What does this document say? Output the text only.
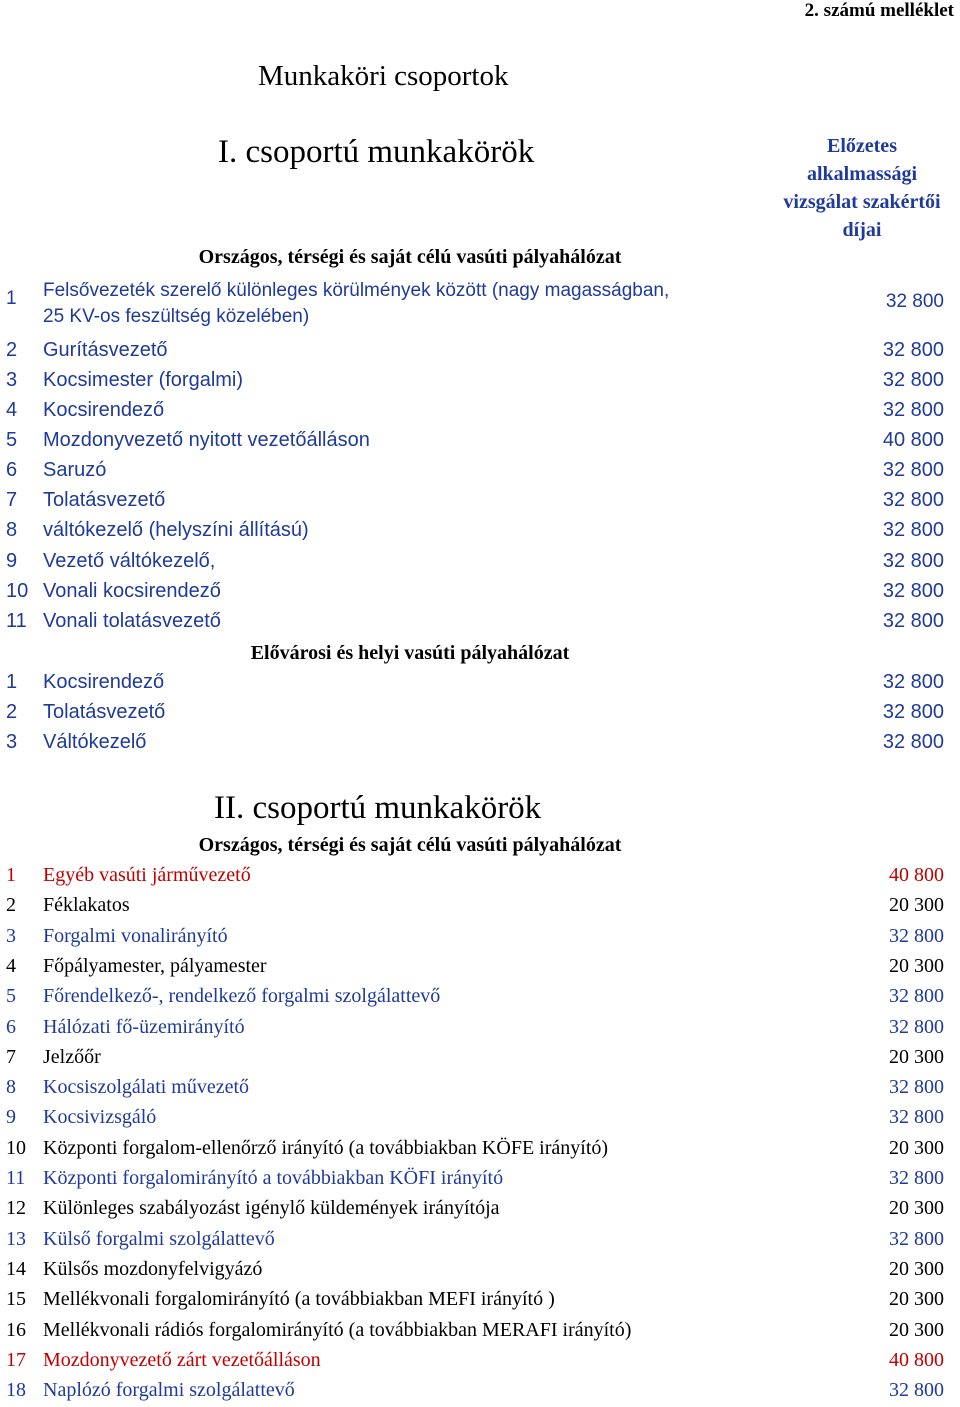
2. számú melléklet
Munkaköri csoportok
I. csoportú munkakörök	Előzetes alkalmassági vizsgálat szakértői díjai
Országos, térségi és saját célú vasúti pályahálózat
1 Felsővezeték szerelő különleges körülmények között (nagy magasságban,
25 KV-os feszültség közelében)
32 800
2 Gurításvezető	32 800
3 Kocsimester (forgalmi)	32 800
4 Kocsirendező	32 800
5 Mozdonyvezető nyitott vezetőálláson	40 800
6 Saruzó	32 800
7 Tolatásvezető	32 800
8 váltókezelő (helyszíni állítású)	32 800
9 Vezető váltókezelő,	32 800
10 Vonali kocsirendező	32 800
11 Vonali tolatásvezető	32 800
Elővárosi és helyi vasúti pályahálózat
1 Kocsirendező	32 800
2 Tolatásvezető	32 800
3 Váltókezelő	32 800
II. csoportú munkakörök
Országos, térségi és saját célú vasúti pályahálózat
1 Egyéb vasúti járművezető	40 800
2 Féklakatos	20 300
3 Forgalmi vonalirányító	32 800
4 Főpályamester, pályamester	20 300
5 Főrendelkező-, rendelkező forgalmi szolgálattevő	32 800
6 Hálózati fő-üzemirányító	32 800
7 Jelzőőr	20 300
8 Kocsiszolgálati művezető	32 800
9 Kocsivizsgáló	32 800
10 Központi forgalom-ellenőrző irányító (a továbbiakban KÖFE irányító)	20 300
11 Központi forgalomirányító a továbbiakban KÖFI irányító	32 800
12 Különleges szabályozást igénylő küldemények irányítója	20 300
13 Külső forgalmi szolgálattevő	32 800
14 Külsős mozdonyfelvigyázó	20 300
15 Mellékvonali forgalomirányító (a továbbiakban MEFI irányító )	20 300
16 Mellékvonali rádiós forgalomirányító (a továbbiakban MERAFI irányító)	20 300
17 Mozdonyvezető zárt vezetőálláson	40 800
18 Naplózó forgalmi szolgálattevő	32 800
